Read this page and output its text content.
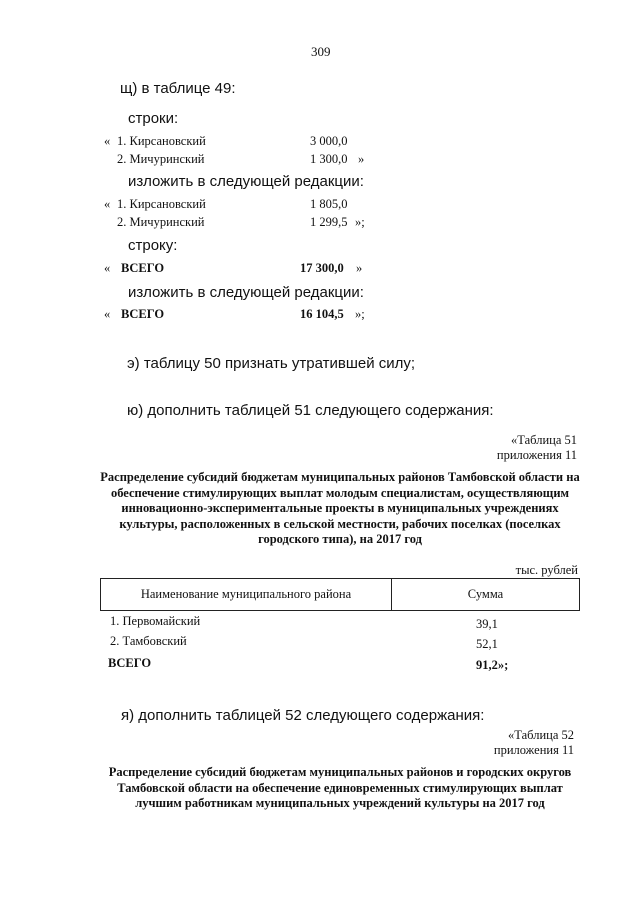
309
щ) в таблице 49:
строки:
« 1. Кирсановский	3 000,0
2. Мичуринский	1 300,0 »
изложить в следующей редакции:
« 1. Кирсановский	1 805,0
2. Мичуринский	1 299,5 »;
строку:
« ВСЕГО	17 300,0 »
изложить в следующей редакции:
« ВСЕГО	16 104,5 »;
э) таблицу 50 признать утратившей силу;
ю) дополнить таблицей 51 следующего содержания:
«Таблица 51
приложения 11
Распределение субсидий бюджетам муниципальных районов Тамбовской области на обеспечение стимулирующих выплат молодым специалистам, осуществляющим инновационно-экспериментальные проекты в муниципальных учреждениях культуры, расположенных в сельской местности, рабочих поселках (поселках городского типа), на 2017 год
тыс. рублей
Наименование муниципального района	Сумма
1. Первомайский	39,1
2. Тамбовский	52,1
ВСЕГО	91,2»;
я) дополнить таблицей 52 следующего содержания:
«Таблица 52
приложения 11
Распределение субсидий бюджетам муниципальных районов и городских округов Тамбовской области на обеспечение единовременных стимулирующих выплат лучшим работникам муниципальных учреждений культуры на 2017 год
